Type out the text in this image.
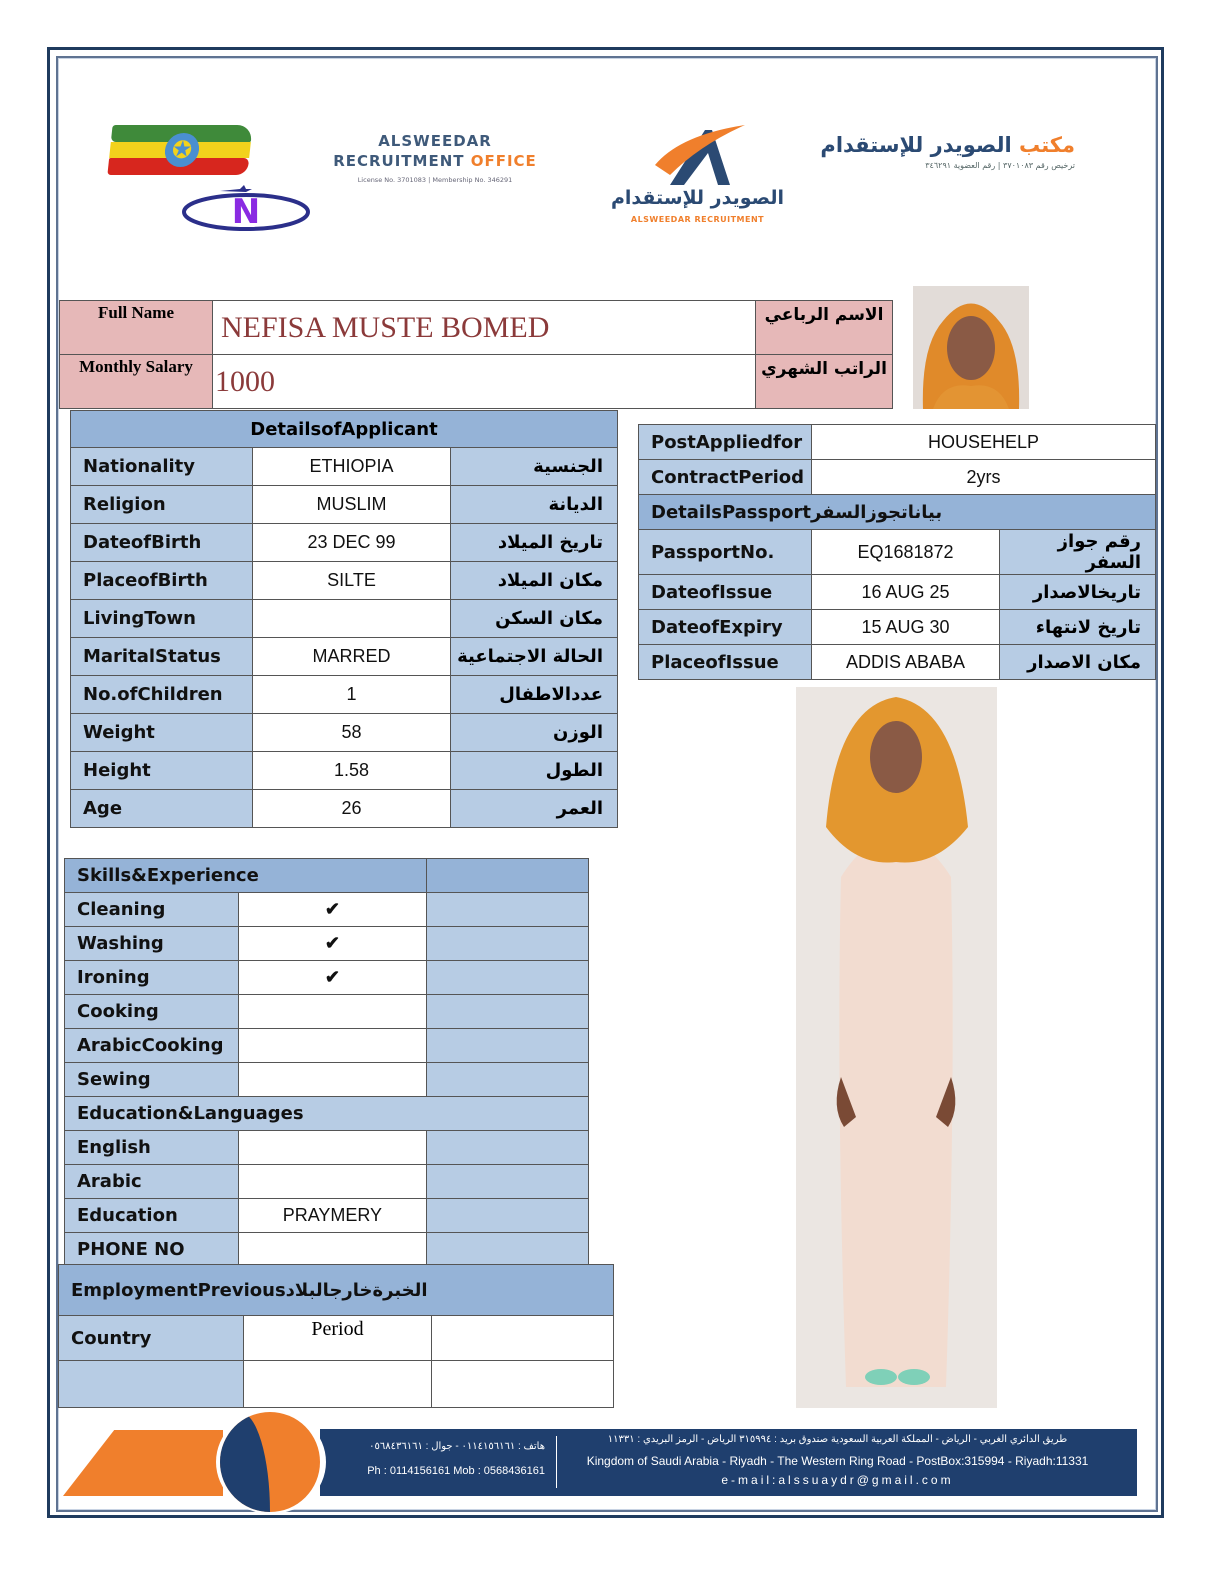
✪
N
ALSWEEDAR
RECRUITMENT OFFICE
License No. 3701083 | Membership No. 346291
الصويدر للإستقدام
ALSWEEDAR RECRUITMENT
مكتب الصويدر للإستقدام
ترخيص رقم ٣٧٠١٠٨٣ | رقم العضوية ٣٤٦٢٩١
Full Name	NEFISA MUSTE BOMED	الاسم الرباعي
Monthly Salary	1000	الراتب الشهري
DetailsofApplicant		
Nationality	ETHIOPIA	الجنسية
Religion	MUSLIM	الديانة
DateofBirth	23 DEC 99	تاريخ الميلاد
PlaceofBirth	SILTE	مكان الميلاد
LivingTown		مكان السكن
MaritalStatus	MARRED	الحالة الاجتماعية
No.ofChildren	1	عددالاطفال
Weight	58	الوزن
Height	1.58	الطول
Age	26	العمر
PostAppliedfor	HOUSEHELP	
ContractPeriod	2yrs	
DetailsPassportبياناتجوزالسفر		
PassportNo.	EQ1681872	رقم جواز السفر
DateofIssue	16 AUG 25	تاريخالاصدار
DateofExpiry	15 AUG 30	تاريخ لانتهاء
PlaceofIssue	ADDIS ABABA	مكان الاصدار
Skills&Experience		
Cleaning	✔	
Washing	✔	
Ironing	✔	
Cooking		
ArabicCooking		
Sewing		
Education&Languages		
English		
Arabic		
Education	PRAYMERY	
PHONE NO		
EmploymentPreviousالخبرةخارجالبلاد		
Country	Period	

هاتف : ٠١١٤١٥٦١٦١ - جوال : ٠٥٦٨٤٣٦١٦١
Ph : 0114156161 Mob : 0568436161
طريق الدائري الغربي - الرياض - المملكة العربية السعودية صندوق بريد : ٣١٥٩٩٤ الرياض - الرمز البريدي : ١١٣٣١
Kingdom of Saudi Arabia - Riyadh - The Western Ring Road - PostBox:315994 - Riyadh:11331
e-mail:alssuaydr@gmail.com
